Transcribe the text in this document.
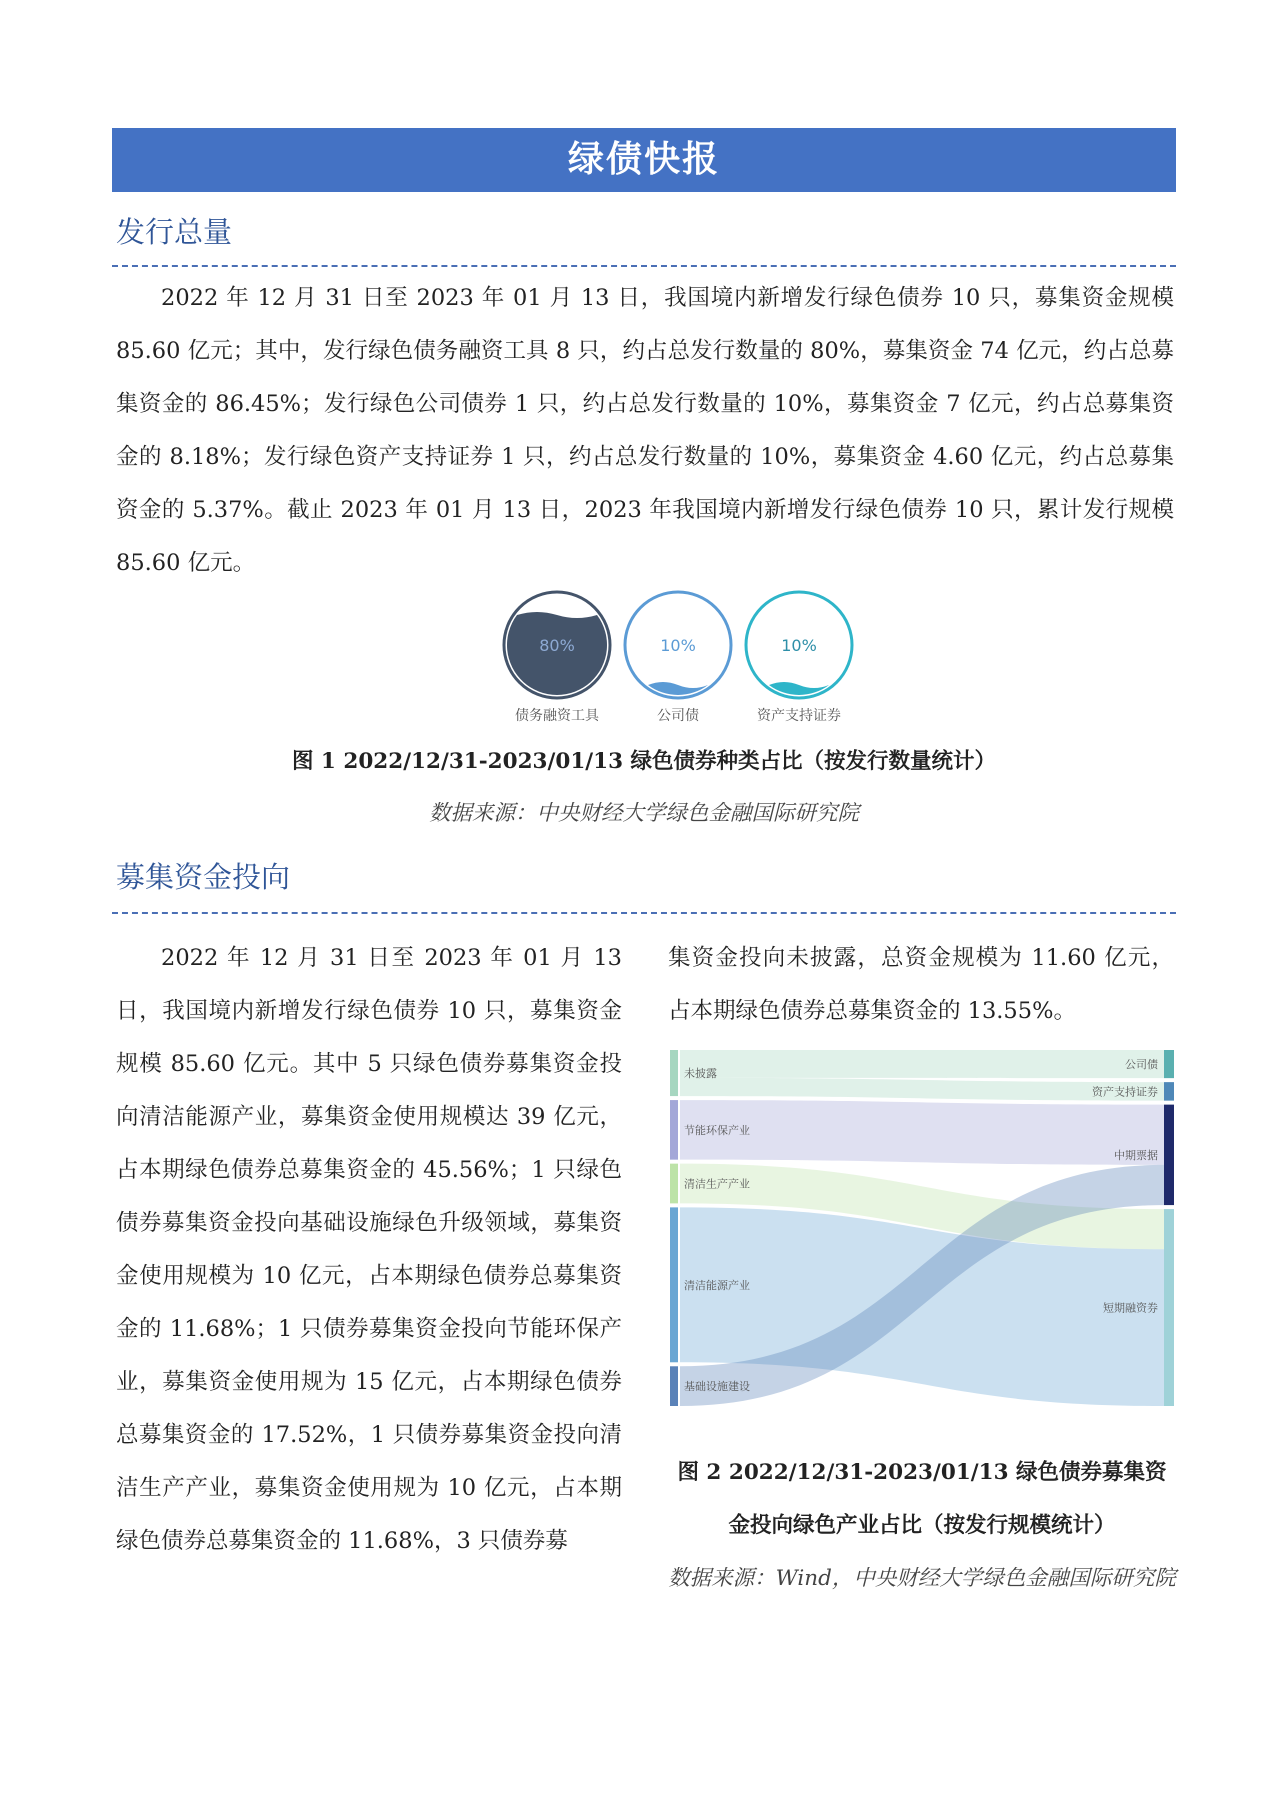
绿债快报
发行总量

2022 年 12 月 31 日至 2023 年 01 月 13 日，我国境内新增发行绿色债券 10 只，募集资金规模 85.60 亿元；其中，发行绿色债务融资工具 8 只，约占总发行数量的 80%，募集资金 74 亿元，约占总募集资金的 86.45%；发行绿色公司债券 1 只，约占总发行数量的 10%，募集资金 7 亿元，约占总募集资金的 8.18%；发行绿色资产支持证券 1 只，约占总发行数量的 10%，募集资金 4.60 亿元，约占总募集资金的 5.37%。截止 2023 年 01 月 13 日，2023 年我国境内新增发行绿色债券 10 只，累计发行规模 85.60 亿元。

80%
债务融资工具
10%
公司债
10%
资产支持证券

图 1 2022/12/31-2023/01/13 绿色债券种类占比（按发行数量统计）

数据来源：中央财经大学绿色金融国际研究院

募集资金投向

2022 年 12 月 31 日至 2023 年 01 月 13 日，我国境内新增发行绿色债券 10 只，募集资金规模 85.60 亿元。其中 5 只绿色债券募集资金投向清洁能源产业，募集资金使用规模达 39 亿元，占本期绿色债券总募集资金的 45.56%；1 只绿色债券募集资金投向基础设施绿色升级领域，募集资金使用规模为 10 亿元，占本期绿色债券总募集资金的 11.68%；1 只债券募集资金投向节能环保产业，募集资金使用规为 15 亿元，占本期绿色债券总募集资金的 17.52%，1 只债券募集资金投向清洁生产产业，募集资金使用规为 10 亿元，占本期绿色债券总募集资金的 11.68%，3 只债券募

集资金投向未披露，总资金规模为 11.60 亿元，占本期绿色债券总募集资金的 13.55%。

未披露
节能环保产业
清洁生产产业
清洁能源产业
基础设施建设
公司债
资产支持证券
中期票据
短期融资券

图 2 2022/12/31-2023/01/13 绿色债券募集资金投向绿色产业占比（按发行规模统计）

数据来源：Wind，中央财经大学绿色金融国际研究院
